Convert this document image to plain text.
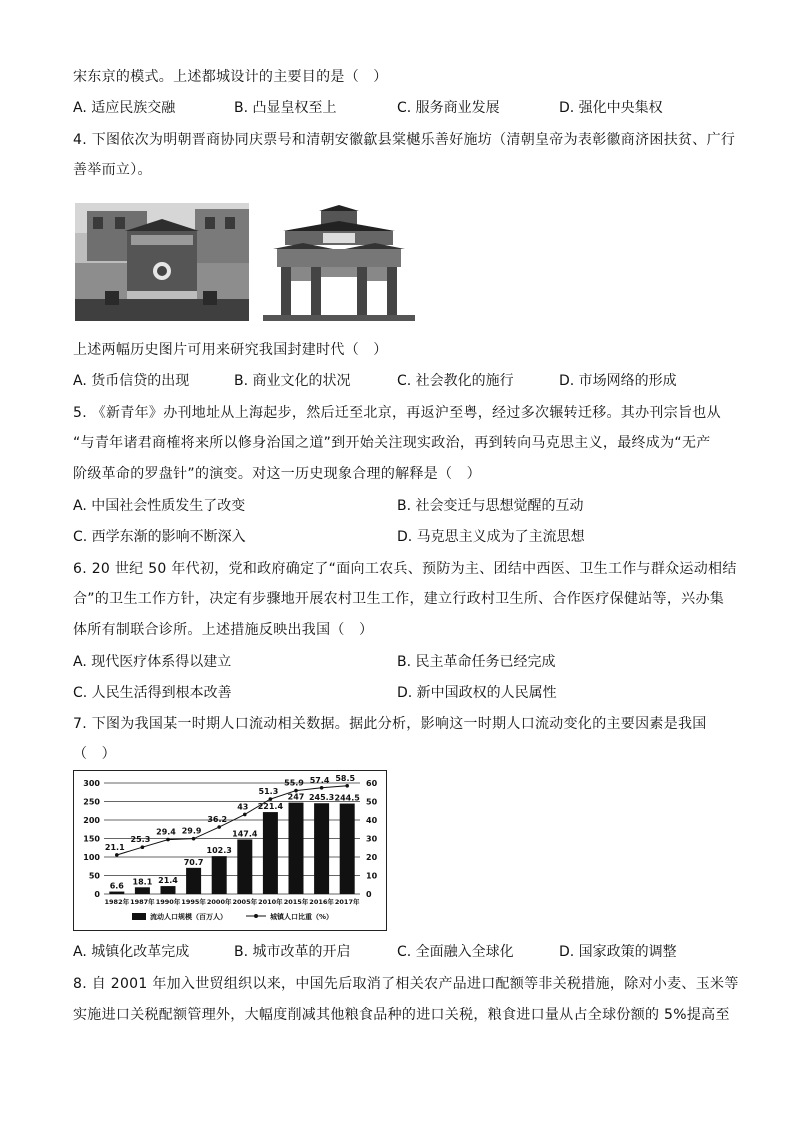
宋东京的模式。上述都城设计的主要目的是（　）
A. 适应民族交融	B. 凸显皇权至上	C. 服务商业发展	D. 强化中央集权
4. 下图依次为明朝晋商协同庆票号和清朝安徽歙县棠樾乐善好施坊（清朝皇帝为表彰徽商济困扶贫、广行
善举而立）。
上述两幅历史图片可用来研究我国封建时代（　）
A. 货币信贷的出现	B. 商业文化的状况	C. 社会教化的施行	D. 市场网络的形成
5. 《新青年》办刊地址从上海起步，然后迁至北京，再返沪至粤，经过多次辗转迁移。其办刊宗旨也从
“与青年诸君商榷将来所以修身治国之道”到开始关注现实政治，再到转向马克思主义，最终成为“无产
阶级革命的罗盘针”的演变。对这一历史现象合理的解释是（　）
A. 中国社会性质发生了改变	B. 社会变迁与思想觉醒的互动
C. 西学东渐的影响不断深入	D. 马克思主义成为了主流思想
6. 20 世纪 50 年代初，党和政府确定了“面向工农兵、预防为主、团结中西医、卫生工作与群众运动相结
合”的卫生工作方针，决定有步骤地开展农村卫生工作，建立行政村卫生所、合作医疗保健站等，兴办集
体所有制联合诊所。上述措施反映出我国（　）
A. 现代医疗体系得以建立	B. 民主革命任务已经完成
C. 人民生活得到根本改善	D. 新中国政权的人民属性
7. 下图为我国某一时期人口流动相关数据。据此分析，影响这一时期人口流动变化的主要因素是我国
（　）
300
250
200
150
100
50
0
60
50
40
30
20
10
0
6.6 18.1 21.4
70.7
102.3
147.4
221.4
247 245.3 244.5
21.1
25.3
29.4 29.9
36.2
43
51.3
55.9 57.4 58.5
1982年 1987年 1990年 1995年 2000年 2005年 2010年 2015年 2016年 2017年
流动人口规模（百万人）	城镇人口比重（%）
A. 城镇化改革完成	B. 城市改革的开启	C. 全面融入全球化	D. 国家政策的调整
8. 自 2001 年加入世贸组织以来，中国先后取消了相关农产品进口配额等非关税措施，除对小麦、玉米等
实施进口关税配额管理外，大幅度削减其他粮食品种的进口关税，粮食进口量从占全球份额的 5%提高至
